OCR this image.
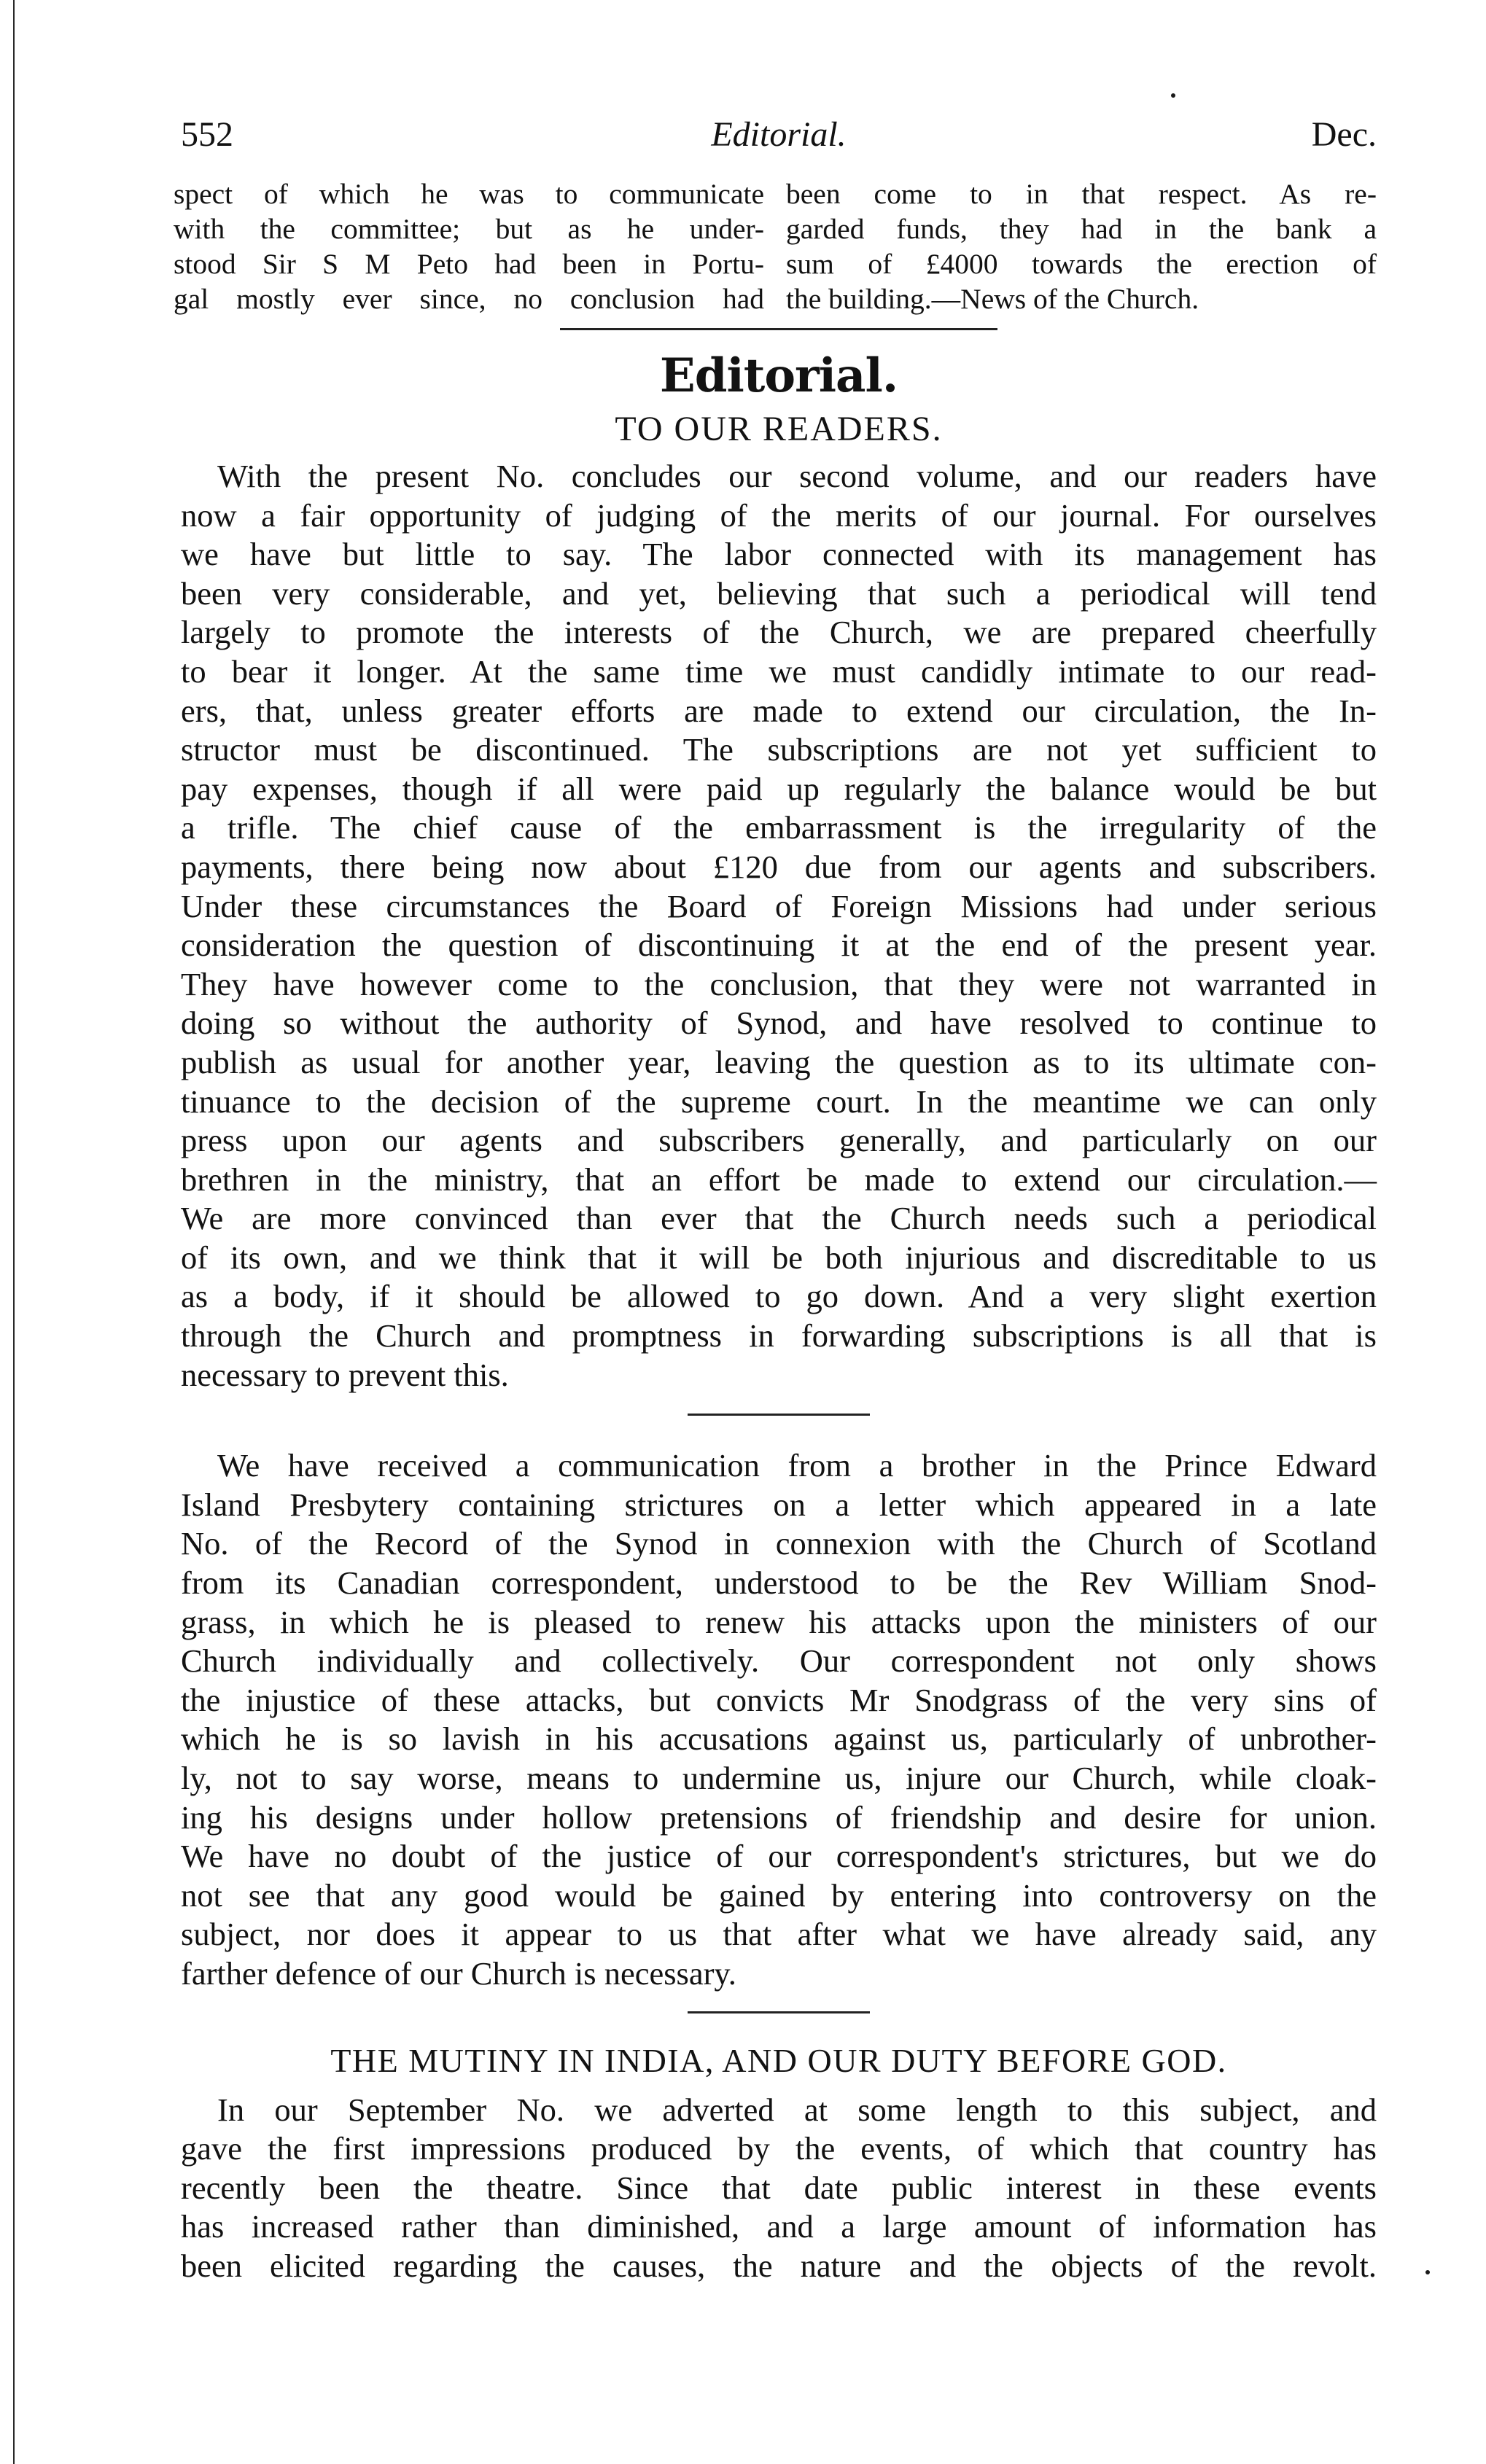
552	Editorial.	Dec.
spect of which he was to communicate
with the committee; but as he under-
stood Sir S M Peto had been in Portu-
gal mostly ever since, no conclusion had
been come to in that respect. As re-
garded funds, they had in the bank a
sum of £4000 towards the erection of
the building.—News of the Church.
Editorial.
TO OUR READERS.
With the present No. concludes our second volume, and our readers have
now a fair opportunity of judging of the merits of our journal. For ourselves
we have but little to say. The labor connected with its management has
been very considerable, and yet, believing that such a periodical will tend
largely to promote the interests of the Church, we are prepared cheerfully
to bear it longer. At the same time we must candidly intimate to our read-
ers, that, unless greater efforts are made to extend our circulation, the In-
structor must be discontinued. The subscriptions are not yet sufficient to
pay expenses, though if all were paid up regularly the balance would be but
a trifle. The chief cause of the embarrassment is the irregularity of the
payments, there being now about £120 due from our agents and subscribers.
Under these circumstances the Board of Foreign Missions had under serious
consideration the question of discontinuing it at the end of the present year.
They have however come to the conclusion, that they were not warranted in
doing so without the authority of Synod, and have resolved to continue to
publish as usual for another year, leaving the question as to its ultimate con-
tinuance to the decision of the supreme court. In the meantime we can only
press upon our agents and subscribers generally, and particularly on our
brethren in the ministry, that an effort be made to extend our circulation.—
We are more convinced than ever that the Church needs such a periodical
of its own, and we think that it will be both injurious and discreditable to us
as a body, if it should be allowed to go down. And a very slight exertion
through the Church and promptness in forwarding subscriptions is all that is
necessary to prevent this.
We have received a communication from a brother in the Prince Edward
Island Presbytery containing strictures on a letter which appeared in a late
No. of the Record of the Synod in connexion with the Church of Scotland
from its Canadian correspondent, understood to be the Rev William Snod-
grass, in which he is pleased to renew his attacks upon the ministers of our
Church individually and collectively. Our correspondent not only shows
the injustice of these attacks, but convicts Mr Snodgrass of the very sins of
which he is so lavish in his accusations against us, particularly of unbrother-
ly, not to say worse, means to undermine us, injure our Church, while cloak-
ing his designs under hollow pretensions of friendship and desire for union.
We have no doubt of the justice of our correspondent's strictures, but we do
not see that any good would be gained by entering into controversy on the
subject, nor does it appear to us that after what we have already said, any
farther defence of our Church is necessary.
THE MUTINY IN INDIA, AND OUR DUTY BEFORE GOD.
In our September No. we adverted at some length to this subject, and
gave the first impressions produced by the events, of which that country has
recently been the theatre. Since that date public interest in these events
has increased rather than diminished, and a large amount of information has
been elicited regarding the causes, the nature and the objects of the revolt.
